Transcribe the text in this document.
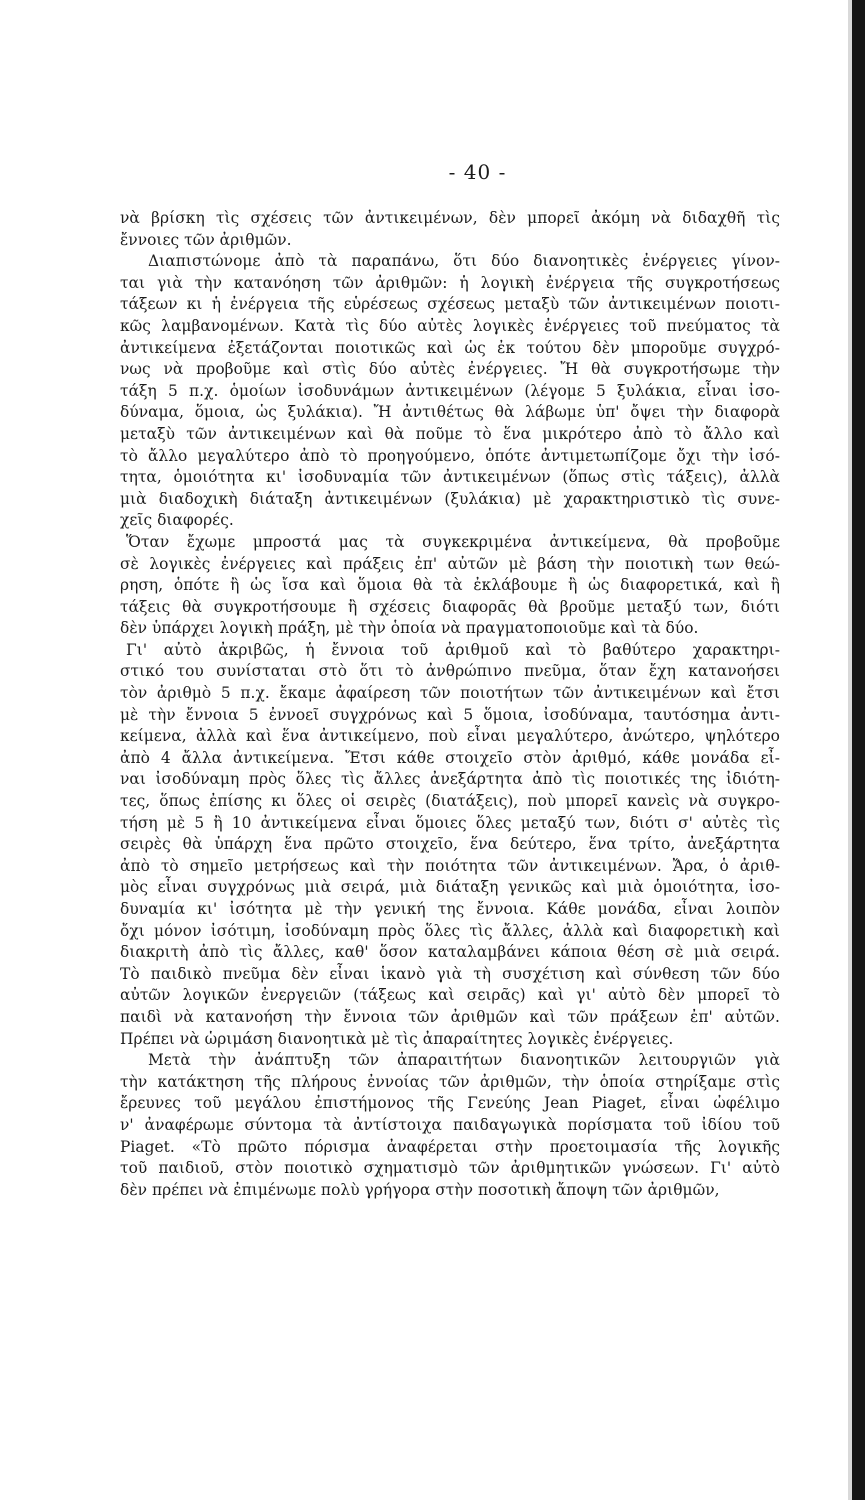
- 40 -
νὰ βρίσκη τὶς σχέσεις τῶν ἀντικειμένων, δὲν μπορεῖ ἀκόμη νὰ διδαχθῆ τὶς
ἔννοιες τῶν ἀριθμῶν.
Διαπιστώνομε ἀπὸ τὰ παραπάνω, ὅτι δύο διανοητικὲς ἐνέργειες γίνον-
ται γιὰ τὴν κατανόηση τῶν ἀριθμῶν: ἡ λογικὴ ἐνέργεια τῆς συγκροτήσεως
τάξεων κι ἡ ἐνέργεια τῆς εὑρέσεως σχέσεως μεταξὺ τῶν ἀντικειμένων ποιοτι-
κῶς λαμβανομένων. Κατὰ τὶς δύο αὐτὲς λογικὲς ἐνέργειες τοῦ πνεύματος τὰ
ἀντικείμενα ἐξετάζονται ποιοτικῶς καὶ ὡς ἐκ τούτου δὲν μποροῦμε συγχρό-
νως νὰ προβοῦμε καὶ στὶς δύο αὐτὲς ἐνέργειες. Ἤ θὰ συγκροτήσωμε τὴν
τάξη 5 π.χ. ὁμοίων ἰσοδυνάμων ἀντικειμένων (λέγομε 5 ξυλάκια, εἶναι ἰσο-
δύναμα, ὅμοια, ὡς ξυλάκια). Ἤ ἀντιθέτως θὰ λάβωμε ὑπ' ὄψει τὴν διαφορὰ
μεταξὺ τῶν ἀντικειμένων καὶ θὰ ποῦμε τὸ ἕνα μικρότερο ἀπὸ τὸ ἄλλο καὶ
τὸ ἄλλο μεγαλύτερο ἀπὸ τὸ προηγούμενο, ὁπότε ἀντιμετωπίζομε ὄχι τὴν ἰσό-
τητα, ὁμοιότητα κι' ἰσοδυναμία τῶν ἀντικειμένων (ὅπως στὶς τάξεις), ἀλλὰ
μιὰ διαδοχικὴ διάταξη ἀντικειμένων (ξυλάκια) μὲ χαρακτηριστικὸ τὶς συνε-
χεῖς διαφορές.
Ὅταν ἔχωμε μπροστά μας τὰ συγκεκριμένα ἀντικείμενα, θὰ προβοῦμε
σὲ λογικὲς ἐνέργειες καὶ πράξεις ἐπ' αὐτῶν μὲ βάση τὴν ποιοτικὴ των θεώ-
ρηση, ὁπότε ἢ ὡς ἴσα καὶ ὅμοια θὰ τὰ ἐκλάβουμε ἢ ὡς διαφορετικά, καὶ ἢ
τάξεις θὰ συγκροτήσουμε ἢ σχέσεις διαφορᾶς θὰ βροῦμε μεταξύ των, διότι
δὲν ὑπάρχει λογικὴ πράξη, μὲ τὴν ὁποία νὰ πραγματοποιοῦμε καὶ τὰ δύο.
Γι' αὐτὸ ἀκριβῶς, ἡ ἔννοια τοῦ ἀριθμοῦ καὶ τὸ βαθύτερο χαρακτηρι-
στικό του συνίσταται στὸ ὅτι τὸ ἀνθρώπινο πνεῦμα, ὅταν ἔχη κατανοήσει
τὸν ἀριθμὸ 5 π.χ. ἔκαμε ἀφαίρεση τῶν ποιοτήτων τῶν ἀντικειμένων καὶ ἔτσι
μὲ τὴν ἔννοια 5 ἐννοεῖ συγχρόνως καὶ 5 ὅμοια, ἰσοδύναμα, ταυτόσημα ἀντι-
κείμενα, ἀλλὰ καὶ ἕνα ἀντικείμενο, ποὺ εἶναι μεγαλύτερο, ἀνώτερο, ψηλότερο
ἀπὸ 4 ἄλλα ἀντικείμενα. Ἔτσι κάθε στοιχεῖο στὸν ἀριθμό, κάθε μονάδα εἶ-
ναι ἰσοδύναμη πρὸς ὅλες τὶς ἄλλες ἀνεξάρτητα ἀπὸ τὶς ποιοτικές της ἰδιότη-
τες, ὅπως ἐπίσης κι ὅλες οἱ σειρὲς (διατάξεις), ποὺ μπορεῖ κανεὶς νὰ συγκρο-
τήση μὲ 5 ἢ 10 ἀντικείμενα εἶναι ὅμοιες ὅλες μεταξύ των, διότι σ' αὐτὲς τὶς
σειρὲς θὰ ὑπάρχη ἕνα πρῶτο στοιχεῖο, ἕνα δεύτερο, ἕνα τρίτο, ἀνεξάρτητα
ἀπὸ τὸ σημεῖο μετρήσεως καὶ τὴν ποιότητα τῶν ἀντικειμένων. Ἄρα, ὁ ἀριθ-
μὸς εἶναι συγχρόνως μιὰ σειρά, μιὰ διάταξη γενικῶς καὶ μιὰ ὁμοιότητα, ἰσο-
δυναμία κι' ἰσότητα μὲ τὴν γενική της ἔννοια. Κάθε μονάδα, εἶναι λοιπὸν
ὄχι μόνον ἰσότιμη, ἰσοδύναμη πρὸς ὅλες τὶς ἄλλες, ἀλλὰ καὶ διαφορετικὴ καὶ
διακριτὴ ἀπὸ τὶς ἄλλες, καθ' ὅσον καταλαμβάνει κάποια θέση σὲ μιὰ σειρά.
Τὸ παιδικὸ πνεῦμα δὲν εἶναι ἱκανὸ γιὰ τὴ συσχέτιση καὶ σύνθεση τῶν δύο
αὐτῶν λογικῶν ἐνεργειῶν (τάξεως καὶ σειρᾶς) καὶ γι' αὐτὸ δὲν μπορεῖ τὸ
παιδὶ νὰ κατανοήση τὴν ἔννοια τῶν ἀριθμῶν καὶ τῶν πράξεων ἐπ' αὐτῶν.
Πρέπει νὰ ὡριμάση διανοητικὰ μὲ τὶς ἀπαραίτητες λογικὲς ἐνέργειες.
Μετὰ τὴν ἀνάπτυξη τῶν ἀπαραιτήτων διανοητικῶν λειτουργιῶν γιὰ
τὴν κατάκτηση τῆς πλήρους ἐννοίας τῶν ἀριθμῶν, τὴν ὁποία στηρίξαμε στὶς
ἔρευνες τοῦ μεγάλου ἐπιστήμονος τῆς Γενεύης Jean Piaget, εἶναι ὠφέλιμο
ν' ἀναφέρωμε σύντομα τὰ ἀντίστοιχα παιδαγωγικὰ πορίσματα τοῦ ἰδίου τοῦ
Piaget. «Τὸ πρῶτο πόρισμα ἀναφέρεται στὴν προετοιμασία τῆς λογικῆς
τοῦ παιδιοῦ, στὸν ποιοτικὸ σχηματισμὸ τῶν ἀριθμητικῶν γνώσεων. Γι' αὐτὸ
δὲν πρέπει νὰ ἐπιμένωμε πολὺ γρήγορα στὴν ποσοτικὴ ἄποψη τῶν ἀριθμῶν,
